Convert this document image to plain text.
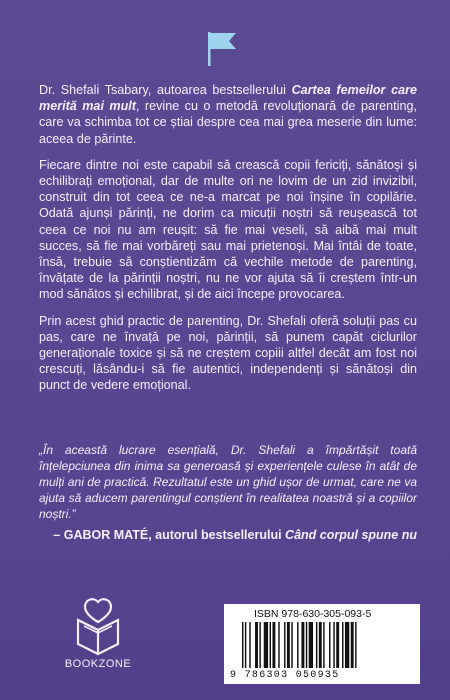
Dr. Shefali Tsabary, autoarea bestsellerului Cartea femeilor care merită mai mult, revine cu o metodă revoluționară de parenting, care va schimba tot ce știai despre cea mai grea meserie din lume: aceea de părinte.

Fiecare dintre noi este capabil să crească copii fericiți, sănătoși și echilibrați emoțional, dar de multe ori ne lovim de un zid invizibil, construit din tot ceea ce ne-a marcat pe noi înșine în copilărie. Odată ajunși părinți, ne dorim ca micuții noștri să reușească tot ceea ce noi nu am reușit: să fie mai veseli, să aibă mai mult succes, să fie mai vorbăreți sau mai prietenoși. Mai întâi de toate, însă, trebuie să conștientizăm că vechile metode de parenting, învățate de la părinții noștri, nu ne vor ajuta să îi creștem într-un mod sănătos și echilibrat, și de aici începe provocarea.

Prin acest ghid practic de parenting, Dr. Shefali oferă soluții pas cu pas, care ne învață pe noi, părinții, să punem capăt ciclurilor generaționale toxice și să ne creștem copiii altfel decât am fost noi crescuți, lăsându-i să fie autentici, independenți și sănătoși din punct de vedere emoțional.

„În această lucrare esențială, Dr. Shefali a împărtășit toată înțelepciunea din inima sa generoasă și experiențele culese în atât de mulți ani de practică. Rezultatul este un ghid ușor de urmat, care ne va ajuta să aducem parentingul conștient în realitatea noastră și a copiilor noștri.”

– GABOR MATÉ, autorul bestsellerului Când corpul spune nu
BOOKZONE
ISBN 978-630-305-093-5
9 786303 050935
